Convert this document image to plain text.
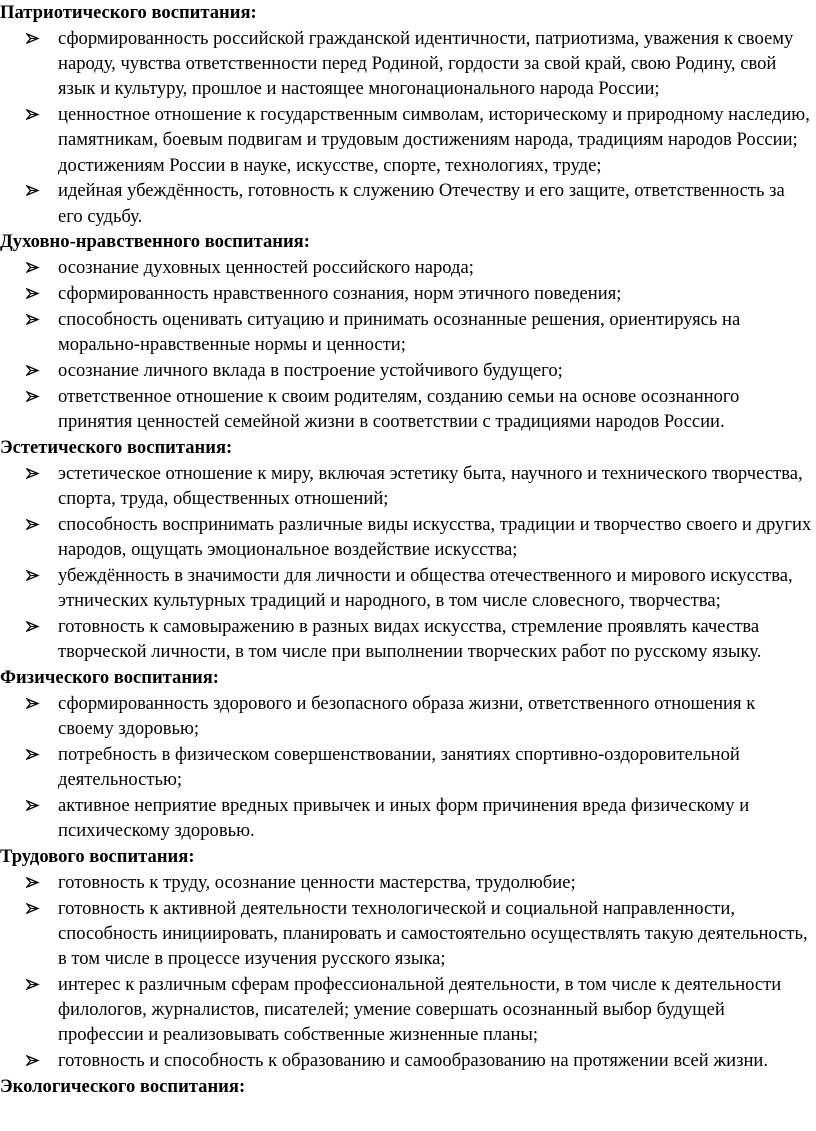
Патриотического воспитания:
сформированность российской гражданской идентичности, патриотизма, уважения к своему народу, чувства ответственности перед Родиной, гордости за свой край, свою Родину, свой язык и культуру, прошлое и настоящее многонационального народа России;
ценностное отношение к государственным символам, историческому и природному наследию, памятникам, боевым подвигам и трудовым достижениям народа, традициям народов России; достижениям России в науке, искусстве, спорте, технологиях, труде;
идейная убеждённость, готовность к служению Отечеству и его защите, ответственность за его судьбу.
Духовно-нравственного воспитания:
осознание духовных ценностей российского народа;
сформированность нравственного сознания, норм этичного поведения;
способность оценивать ситуацию и принимать осознанные решения, ориентируясь на морально-нравственные нормы и ценности;
осознание личного вклада в построение устойчивого будущего;
ответственное отношение к своим родителям, созданию семьи на основе осознанного принятия ценностей семейной жизни в соответствии с традициями народов России.
Эстетического воспитания:
эстетическое отношение к миру, включая эстетику быта, научного и технического творчества, спорта, труда, общественных отношений;
способность воспринимать различные виды искусства, традиции и творчество своего и других народов, ощущать эмоциональное воздействие искусства;
убеждённость в значимости для личности и общества отечественного и мирового искусства, этнических культурных традиций и народного, в том числе словесного, творчества;
готовность к самовыражению в разных видах искусства, стремление проявлять качества творческой личности, в том числе при выполнении творческих работ по русскому языку.
Физического воспитания:
сформированность здорового и безопасного образа жизни, ответственного отношения к своему здоровью;
потребность в физическом совершенствовании, занятиях спортивно-оздоровительной деятельностью;
активное неприятие вредных привычек и иных форм причинения вреда физическому и психическому здоровью.
Трудового воспитания:
готовность к труду, осознание ценности мастерства, трудолюбие;
готовность к активной деятельности технологической и социальной направленности, способность инициировать, планировать и самостоятельно осуществлять такую деятельность, в том числе в процессе изучения русского языка;
интерес к различным сферам профессиональной деятельности, в том числе к деятельности филологов, журналистов, писателей; умение совершать осознанный выбор будущей профессии и реализовывать собственные жизненные планы;
готовность и способность к образованию и самообразованию на протяжении всей жизни.
Экологического воспитания:
